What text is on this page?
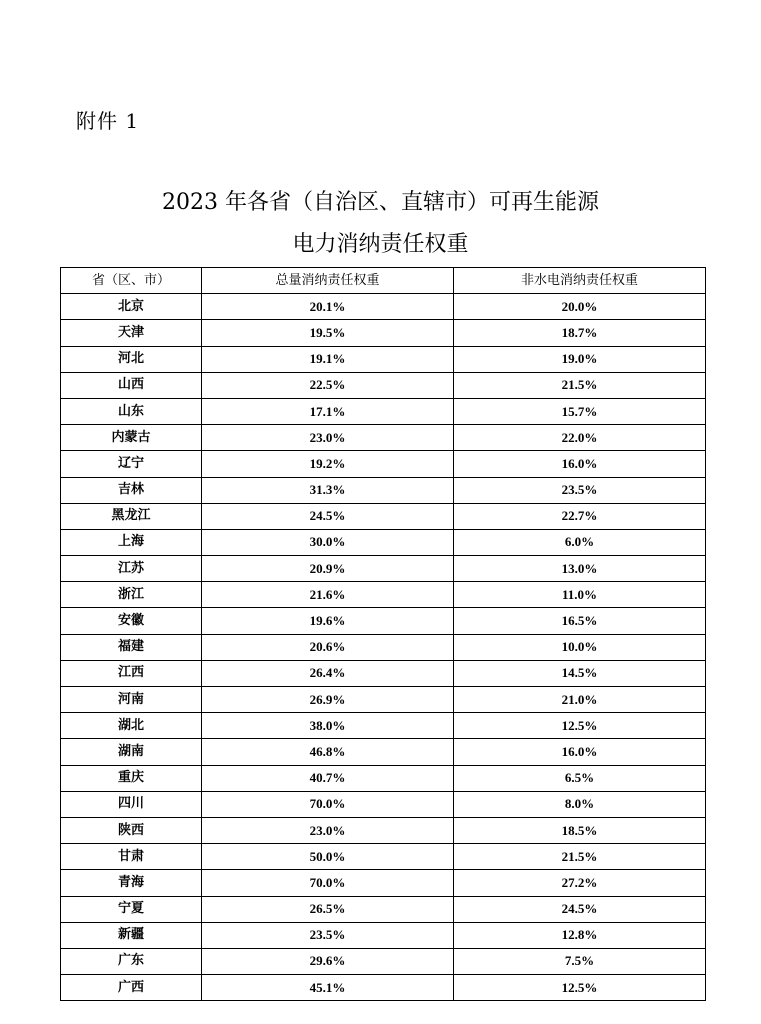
附件 1
2023 年各省（自治区、直辖市）可再生能源
电力消纳责任权重
省（区、市）	总量消纳责任权重	非水电消纳责任权重
北京	20.1%	20.0%
天津	19.5%	18.7%
河北	19.1%	19.0%
山西	22.5%	21.5%
山东	17.1%	15.7%
内蒙古	23.0%	22.0%
辽宁	19.2%	16.0%
吉林	31.3%	23.5%
黑龙江	24.5%	22.7%
上海	30.0%	6.0%
江苏	20.9%	13.0%
浙江	21.6%	11.0%
安徽	19.6%	16.5%
福建	20.6%	10.0%
江西	26.4%	14.5%
河南	26.9%	21.0%
湖北	38.0%	12.5%
湖南	46.8%	16.0%
重庆	40.7%	6.5%
四川	70.0%	8.0%
陕西	23.0%	18.5%
甘肃	50.0%	21.5%
青海	70.0%	27.2%
宁夏	26.5%	24.5%
新疆	23.5%	12.8%
广东	29.6%	7.5%
广西	45.1%	12.5%
